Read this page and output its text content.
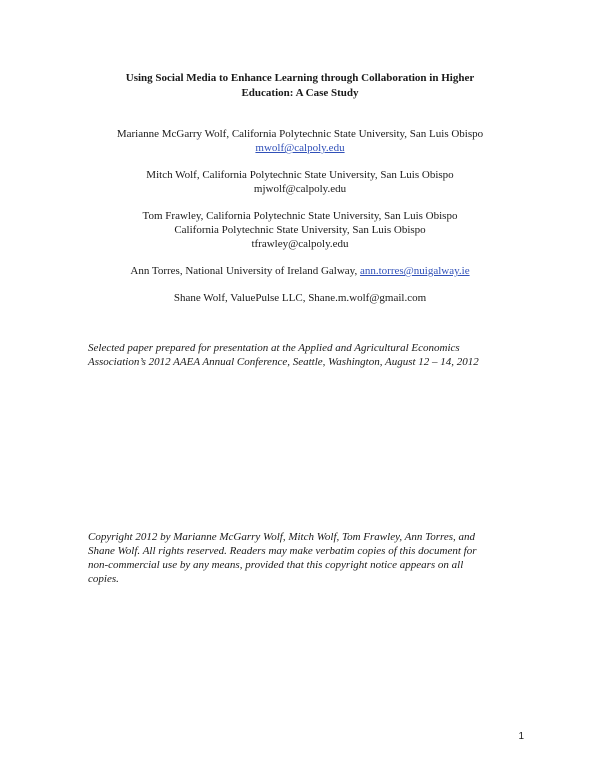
Using Social Media to Enhance Learning through Collaboration in Higher
Education: A Case Study
Marianne McGarry Wolf, California Polytechnic State University, San Luis Obispo
mwolf@calpoly.edu
Mitch Wolf, California Polytechnic State University, San Luis Obispo
mjwolf@calpoly.edu
Tom Frawley, California Polytechnic State University, San Luis Obispo
California Polytechnic State University, San Luis Obispo
tfrawley@calpoly.edu
Ann Torres, National University of Ireland Galway, ann.torres@nuigalway.ie
Shane Wolf, ValuePulse LLC, Shane.m.wolf@gmail.com
Selected paper prepared for presentation at the Applied and Agricultural Economics
Association’s 2012 AAEA Annual Conference, Seattle, Washington, August 12 – 14, 2012
Copyright 2012 by Marianne McGarry Wolf, Mitch Wolf, Tom Frawley, Ann Torres, and
Shane Wolf. All rights reserved. Readers may make verbatim copies of this document for
non-commercial use by any means, provided that this copyright notice appears on all
copies.
1
